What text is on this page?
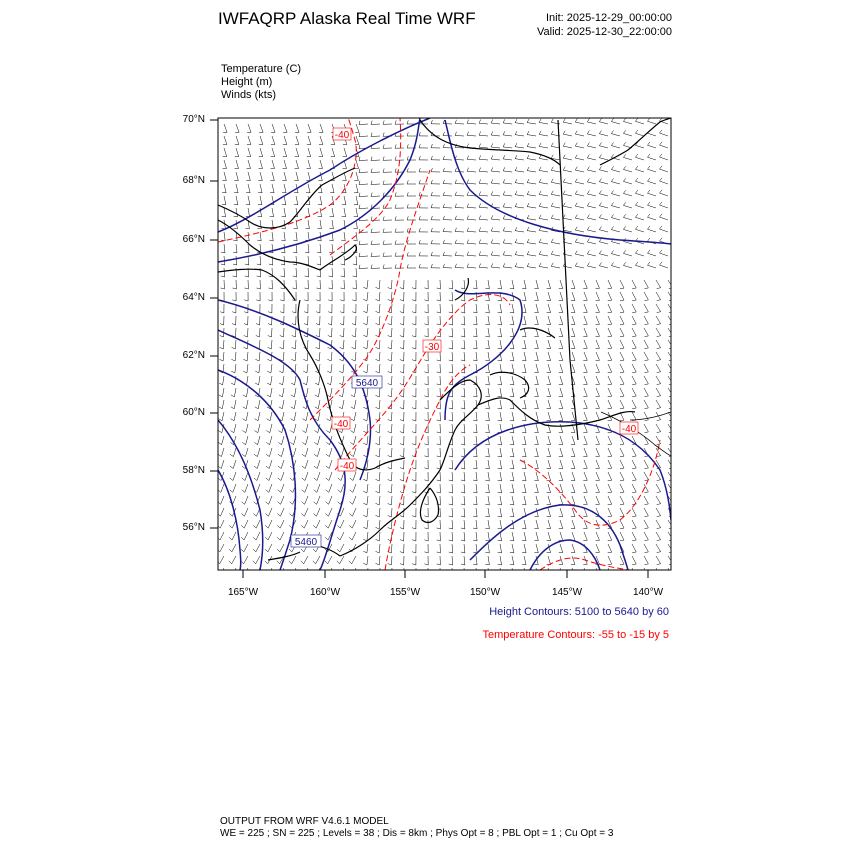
IWFAQRP Alaska Real Time WRF	Init: 2025-12-29_00:00:00
Valid: 2025-12-30_22:00:00
Temperature (C)
Height (m)
Winds (kts)
70°N
68°N
66°N
64°N
62°N
60°N
58°N
56°N
165°W	160°W	155°W	150°W	145°W	140°W
5640
5460
-40
-30
-40
-40
-40
Height Contours: 5100 to 5640 by 60
Temperature Contours: -55 to -15 by 5
OUTPUT FROM WRF V4.6.1 MODEL
WE = 225 ; SN = 225 ; Levels = 38 ; Dis = 8km ; Phys Opt = 8 ; PBL Opt = 1 ; Cu Opt = 3
